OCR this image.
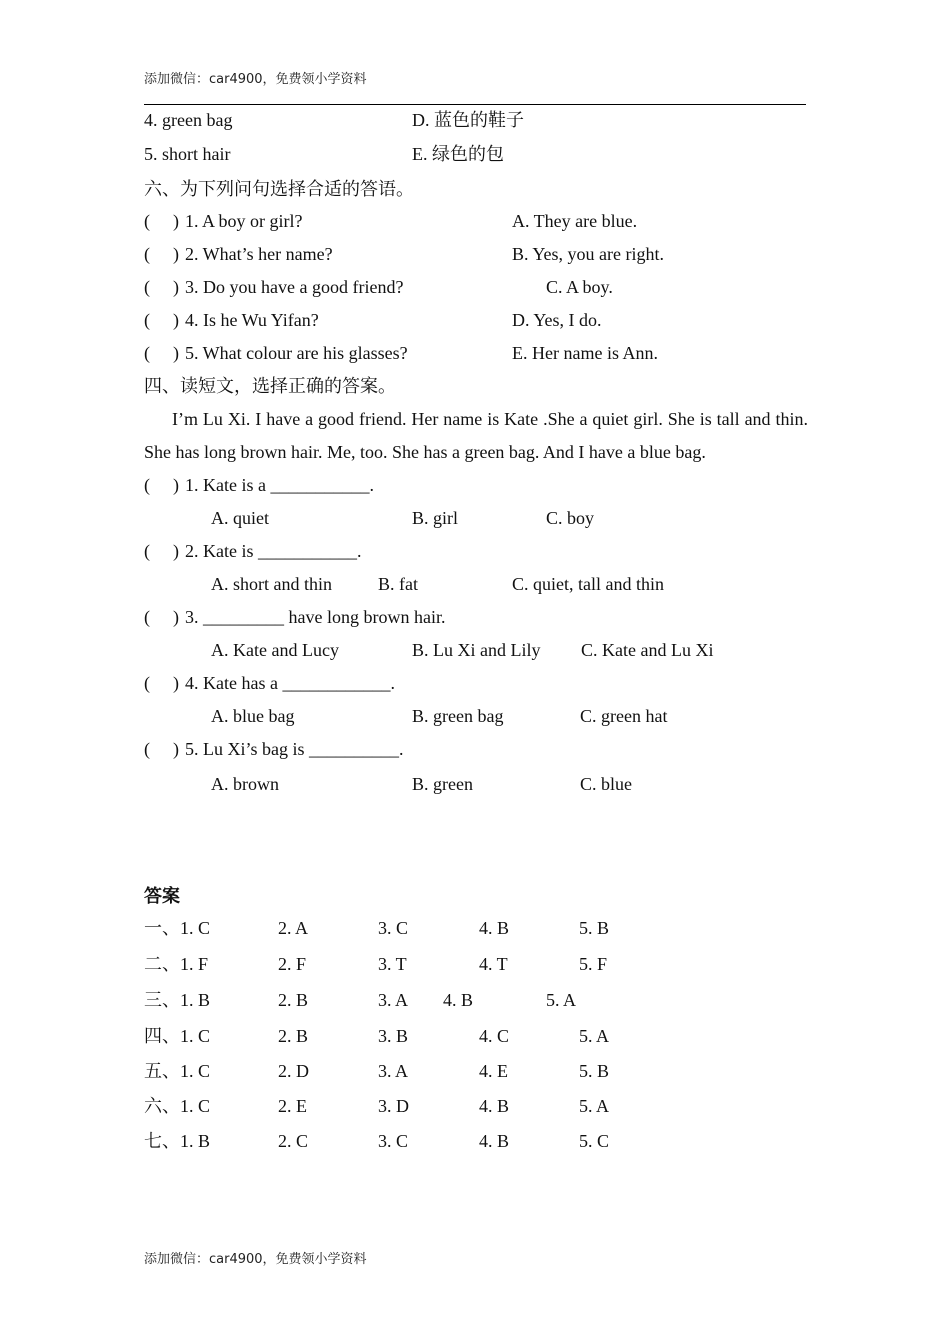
添加微信：car4900，免费领小学资料
4. green bag	D. 蓝色的鞋子
5. short hair	E. 绿色的包
六、为下列问句选择合适的答语。
( ) 1. A boy or girl?	A. They are blue.
( ) 2. What’s her name?	B. Yes, you are right.
( ) 3. Do you have a good friend?	C. A boy.
( ) 4. Is he Wu Yifan?	D. Yes, I do.
( ) 5. What colour are his glasses?	E. Her name is Ann.
四、读短文，选择正确的答案。
I’m Lu Xi. I have a good friend. Her name is Kate .She a quiet girl. She is tall and thin. She has long brown hair. Me, too. She has a green bag. And I have a blue bag.
( ) 1. Kate is a ___________.
A. quiet	B. girl	C. boy
( ) 2. Kate is ___________.
A. short and thin	B. fat	C. quiet, tall and thin
( ) 3. _________ have long brown hair.
A. Kate and Lucy	B. Lu Xi and Lily C. Kate and Lu Xi
( ) 4. Kate has a ____________.
A. blue bag	B. green bag	C. green hat
( ) 5. Lu Xi’s bag is __________.
A. brown	B. green	C. blue
答案
一、1. C	2. A	3. C	4. B	5. B
二、1. F	2. F	3. T	4. T	5. F
三、1. B	2. B	3. A 4. B	5. A
四、1. C	2. B	3. B	4. C	5. A
五、1. C	2. D	3. A	4. E	5. B
六、1. C	2. E	3. D	4. B	5. A
七、1. B	2. C	3. C	4. B	5. C
添加微信：car4900，免费领小学资料
